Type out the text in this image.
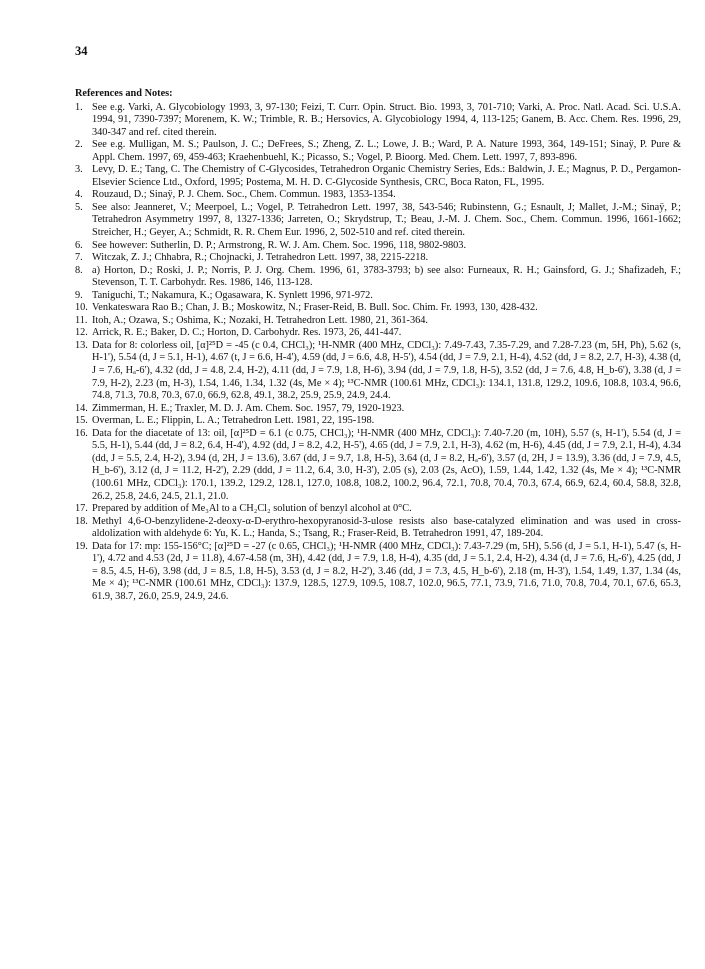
34
References and Notes:
1. See e.g. Varki, A. Glycobiology 1993, 3, 97-130; Feizi, T. Curr. Opin. Struct. Bio. 1993, 3, 701-710; Varki, A. Proc. Natl. Acad. Sci. U.S.A. 1994, 91, 7390-7397; Morenem, K. W.; Trimble, R. B.; Hersovics, A. Glycobiology 1994, 4, 113-125; Ganem, B. Acc. Chem. Res. 1996, 29, 340-347 and ref. cited therein.
2. See e.g. Mulligan, M. S.; Paulson, J. C.; DeFrees, S.; Zheng, Z. L.; Lowe, J. B.; Ward, P. A. Nature 1993, 364, 149-151; Sinaÿ, P. Pure & Appl. Chem. 1997, 69, 459-463; Kraehenbuehl, K.; Picasso, S.; Vogel, P. Bioorg. Med. Chem. Lett. 1997, 7, 893-896.
3. Levy, D. E.; Tang, C. The Chemistry of C-Glycosides, Tetrahedron Organic Chemistry Series, Eds.: Baldwin, J. E.; Magnus, P. D., Pergamon-Elsevier Science Ltd., Oxford, 1995; Postema, M. H. D. C-Glycoside Synthesis, CRC, Boca Raton, FL, 1995.
4. Rouzaud, D.; Sinaÿ, P. J. Chem. Soc., Chem. Commun. 1983, 1353-1354.
5. See also: Jeanneret, V.; Meerpoel, L.; Vogel, P. Tetrahedron Lett. 1997, 38, 543-546; Rubinstenn, G.; Esnault, J; Mallet, J.-M.; Sinaÿ, P.; Tetrahedron Asymmetry 1997, 8, 1327-1336; Jarreten, O.; Skrydstrup, T.; Beau, J.-M. J. Chem. Soc., Chem. Commun. 1996, 1661-1662; Streicher, H.; Geyer, A.; Schmidt, R. R. Chem Eur. 1996, 2, 502-510 and ref. cited therein.
6. See however: Sutherlin, D. P.; Armstrong, R. W. J. Am. Chem. Soc. 1996, 118, 9802-9803.
7. Witczak, Z. J.; Chhabra, R.; Chojnacki, J. Tetrahedron Lett. 1997, 38, 2215-2218.
8. a) Horton, D.; Roski, J. P.; Norris, P. J. Org. Chem. 1996, 61, 3783-3793; b) see also: Furneaux, R. H.; Gainsford, G. J.; Shafizadeh, F.; Stevenson, T. T. Carbohydr. Res. 1986, 146, 113-128.
9. Taniguchi, T.; Nakamura, K.; Ogasawara, K. Synlett 1996, 971-972.
10. Venkateswara Rao B.; Chan, J. B.; Moskowitz, N.; Fraser-Reid, B. Bull. Soc. Chim. Fr. 1993, 130, 428-432.
11. Itoh, A.; Ozawa, S.; Oshima, K.; Nozaki, H. Tetrahedron Lett. 1980, 21, 361-364.
12. Arrick, R. E.; Baker, D. C.; Horton, D. Carbohydr. Res. 1973, 26, 441-447.
13. Data for 8: colorless oil, [α]²⁵D = -45 (c 0.4, CHCl₃); ¹H-NMR (400 MHz, CDCl₃): 7.49-7.43, 7.35-7.29, and 7.28-7.23 (m, 5H, Ph), 5.62 (s, H-1'), 5.54 (d, J = 5.1, H-1), 4.67 (t, J = 6.6, H-4'), 4.59 (dd, J = 6.6, 4.8, H-5'), 4.54 (dd, J = 7.9, 2.1, H-4), 4.52 (dd, J = 8.2, 2.7, H-3), 4.38 (d, J = 7.6, Hₐ-6'), 4.32 (dd, J = 4.8, 2.4, H-2), 4.11 (dd, J = 7.9, 1.8, H-6), 3.94 (dd, J = 7.9, 1.8, H-5), 3.52 (dd, J = 7.6, 4.8, H_b-6'), 3.38 (d, J = 7.9, H-2), 2.23 (m, H-3), 1.54, 1.46, 1.34, 1.32 (4s, Me × 4); ¹³C-NMR (100.61 MHz, CDCl₃): 134.1, 131.8, 129.2, 109.6, 108.8, 103.4, 96.6, 74.8, 71.3, 70.8, 70.3, 67.0, 66.9, 62.8, 49.1, 38.2, 25.9, 25.9, 24.9, 24.4.
14. Zimmerman, H. E.; Traxler, M. D. J. Am. Chem. Soc. 1957, 79, 1920-1923.
15. Overman, L. E.; Flippin, L. A.; Tetrahedron Lett. 1981, 22, 195-198.
16. Data for the diacetate of 13: oil, [α]²⁵D = 6.1 (c 0.75, CHCl₃); ¹H-NMR (400 MHz, CDCl₃): 7.40-7.20 (m, 10H), 5.57 (s, H-1'), 5.54 (d, J = 5.5, H-1), 5.44 (dd, J = 8.2, 6.4, H-4'), 4.92 (dd, J = 8.2, 4.2, H-5'), 4.65 (dd, J = 7.9, 2.1, H-3), 4.62 (m, H-6), 4.45 (dd, J = 7.9, 2.1, H-4), 4.34 (dd, J = 5.5, 2.4, H-2), 3.94 (d, 2H, J = 13.6), 3.67 (dd, J = 9.7, 1.8, H-5), 3.64 (d, J = 8.2, Hₐ-6'), 3.57 (d, 2H, J = 13.9), 3.36 (dd, J = 7.9, 4.5, H_b-6'), 3.12 (d, J = 11.2, H-2'), 2.29 (ddd, J = 11.2, 6.4, 3.0, H-3'), 2.05 (s), 2.03 (2s, AcO), 1.59, 1.44, 1.42, 1.32 (4s, Me × 4); ¹³C-NMR (100.61 MHz, CDCl₃): 170.1, 139.2, 129.2, 128.1, 127.0, 108.8, 108.2, 100.2, 96.4, 72.1, 70.8, 70.4, 70.3, 67.4, 66.9, 62.4, 60.4, 58.8, 32.8, 26.2, 25.8, 24.6, 24.5, 21.1, 21.0.
17. Prepared by addition of Me₃Al to a CH₂Cl₂ solution of benzyl alcohol at 0°C.
18. Methyl 4,6-O-benzylidene-2-deoxy-α-D-erythro-hexopyranosid-3-ulose resists also base-catalyzed elimination and was used in cross-aldolization with aldehyde 6: Yu, K. L.; Handa, S.; Tsang, R.; Fraser-Reid, B. Tetrahedron 1991, 47, 189-204.
19. Data for 17: mp: 155-156°C; [α]²⁵D = -27 (c 0.65, CHCl₃); ¹H-NMR (400 MHz, CDCl₃): 7.43-7.29 (m, 5H), 5.56 (d, J = 5.1, H-1), 5.47 (s, H-1'), 4.72 and 4.53 (2d, J = 11.8), 4.67-4.58 (m, 3H), 4.42 (dd, J = 7.9, 1.8, H-4), 4.35 (dd, J = 5.1, 2.4, H-2), 4.34 (d, J = 7.6, Hₐ-6'), 4.25 (dd, J = 8.5, 4.5, H-6), 3.98 (dd, J = 8.5, 1.8, H-5), 3.53 (d, J = 8.2, H-2'), 3.46 (dd, J = 7.3, 4.5, H_b-6'), 2.18 (m, H-3'), 1.54, 1.49, 1.37, 1.34 (4s, Me × 4); ¹³C-NMR (100.61 MHz, CDCl₃): 137.9, 128.5, 127.9, 109.5, 108.7, 102.0, 96.5, 77.1, 73.9, 71.6, 71.0, 70.8, 70.4, 70.1, 67.6, 65.3, 61.9, 38.7, 26.0, 25.9, 24.9, 24.6.
